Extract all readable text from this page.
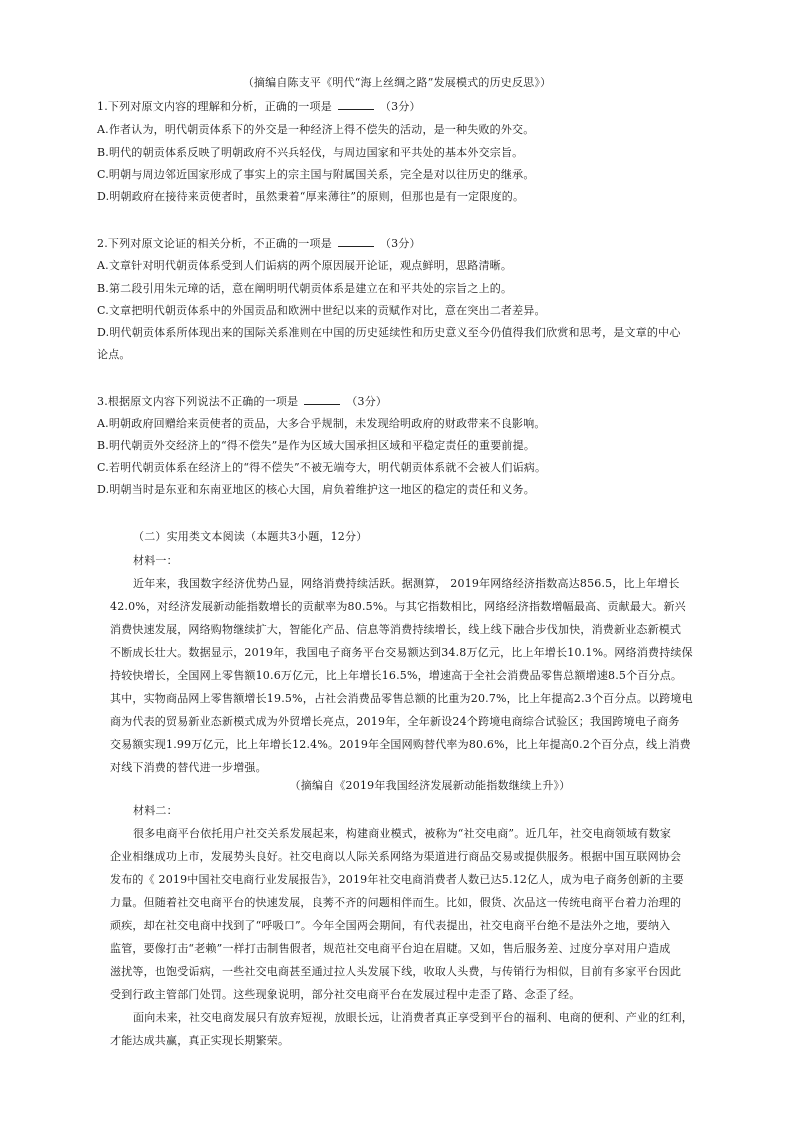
（摘编自陈支平《明代“海上丝绸之路”发展模式的历史反思》）
1.下列对原文内容的理解和分析，正确的一项是	（3分）
A.作者认为，明代朝贡体系下的外交是一种经济上得不偿失的活动，是一种失败的外交。
B.明代的朝贡体系反映了明朝政府不兴兵轻伐，与周边国家和平共处的基本外交宗旨。
C.明朝与周边邻近国家形成了事实上的宗主国与附属国关系，完全是对以往历史的继承。
D.明朝政府在接待来贡使者时，虽然秉着“厚来薄往”的原则，但那也是有一定限度的。
2.下列对原文论证的相关分析，不正确的一项是	（3分）
A.文章针对明代朝贡体系受到人们诟病的两个原因展开论证，观点鲜明，思路清晰。
B.第二段引用朱元璋的话，意在阐明明代朝贡体系是建立在和平共处的宗旨之上的。
C.文章把明代朝贡体系中的外国贡品和欧洲中世纪以来的贡赋作对比，意在突出二者差异。
D.明代朝贡体系所体现出来的国际关系准则在中国的历史延续性和历史意义至今仍值得我们欣赏和思考，是文章的中心
论点。
3.根据原文内容下列说法不正确的一项是	（3分）
A.明朝政府回赠给来贡使者的贡品，大多合乎规制，未发现给明政府的财政带来不良影响。
B.明代朝贡外交经济上的“得不偿失”是作为区域大国承担区域和平稳定责任的重要前提。
C.若明代朝贡体系在经济上的“得不偿失”不被无端夸大，明代朝贡体系就不会被人们诟病。
D.明朝当时是东亚和东南亚地区的核心大国，肩负着维护这一地区的稳定的责任和义务。
（二）实用类文本阅读（本题共3小题，12分）
材料一：
近年来，我国数字经济优势凸显，网络消费持续活跃。据测算， 2019年网络经济指数高达856.5，比上年增长
42.0%，对经济发展新动能指数增长的贡献率为80.5%。与其它指数相比，网络经济指数增幅最高、贡献最大。新兴
消费快速发展，网络购物继续扩大，智能化产品、信息等消费持续增长，线上线下融合步伐加快，消费新业态新模式
不断成长壮大。数据显示，2019年，我国电子商务平台交易额达到34.8万亿元，比上年增长10.1%。网络消费持续保
持较快增长，全国网上零售额10.6万亿元，比上年增长16.5%，增速高于全社会消费品零售总额增速8.5个百分点。
其中，实物商品网上零售额增长19.5%，占社会消费品零售总额的比重为20.7%，比上年提高2.3个百分点。以跨境电
商为代表的贸易新业态新模式成为外贸增长亮点，2019年，全年新设24个跨境电商综合试验区；我国跨境电子商务
交易额实现1.99万亿元，比上年增长12.4%。2019年全国网购替代率为80.6%，比上年提高0.2个百分点，线上消费
对线下消费的替代进一步增强。
（摘编自《2019年我国经济发展新动能指数继续上升》）
材料二：
很多电商平台依托用户社交关系发展起来，构建商业模式，被称为“社交电商”。近几年，社交电商领域有数家
企业相继成功上市，发展势头良好。社交电商以人际关系网络为渠道进行商品交易或提供服务。根据中国互联网协会
发布的《 2019中国社交电商行业发展报告》，2019年社交电商消费者人数已达5.12亿人，成为电子商务创新的主要
力量。但随着社交电商平台的快速发展，良莠不齐的问题相伴而生。比如，假货、次品这一传统电商平台着力治理的
顽疾，却在社交电商中找到了“呼吸口”。今年全国两会期间，有代表提出，社交电商平台绝不是法外之地，要纳入
监管，要像打击“老赖”一样打击制售假者，规范社交电商平台迫在眉睫。又如，售后服务差、过度分享对用户造成
滋扰等，也饱受诟病，一些社交电商甚至通过拉人头发展下线，收取人头费，与传销行为相似，目前有多家平台因此
受到行政主管部门处罚。这些现象说明，部分社交电商平台在发展过程中走歪了路、念歪了经。
面向未来，社交电商发展只有放弃短视，放眼长远，让消费者真正享受到平台的福利、电商的便利、产业的红利，
才能达成共赢，真正实现长期繁荣。
